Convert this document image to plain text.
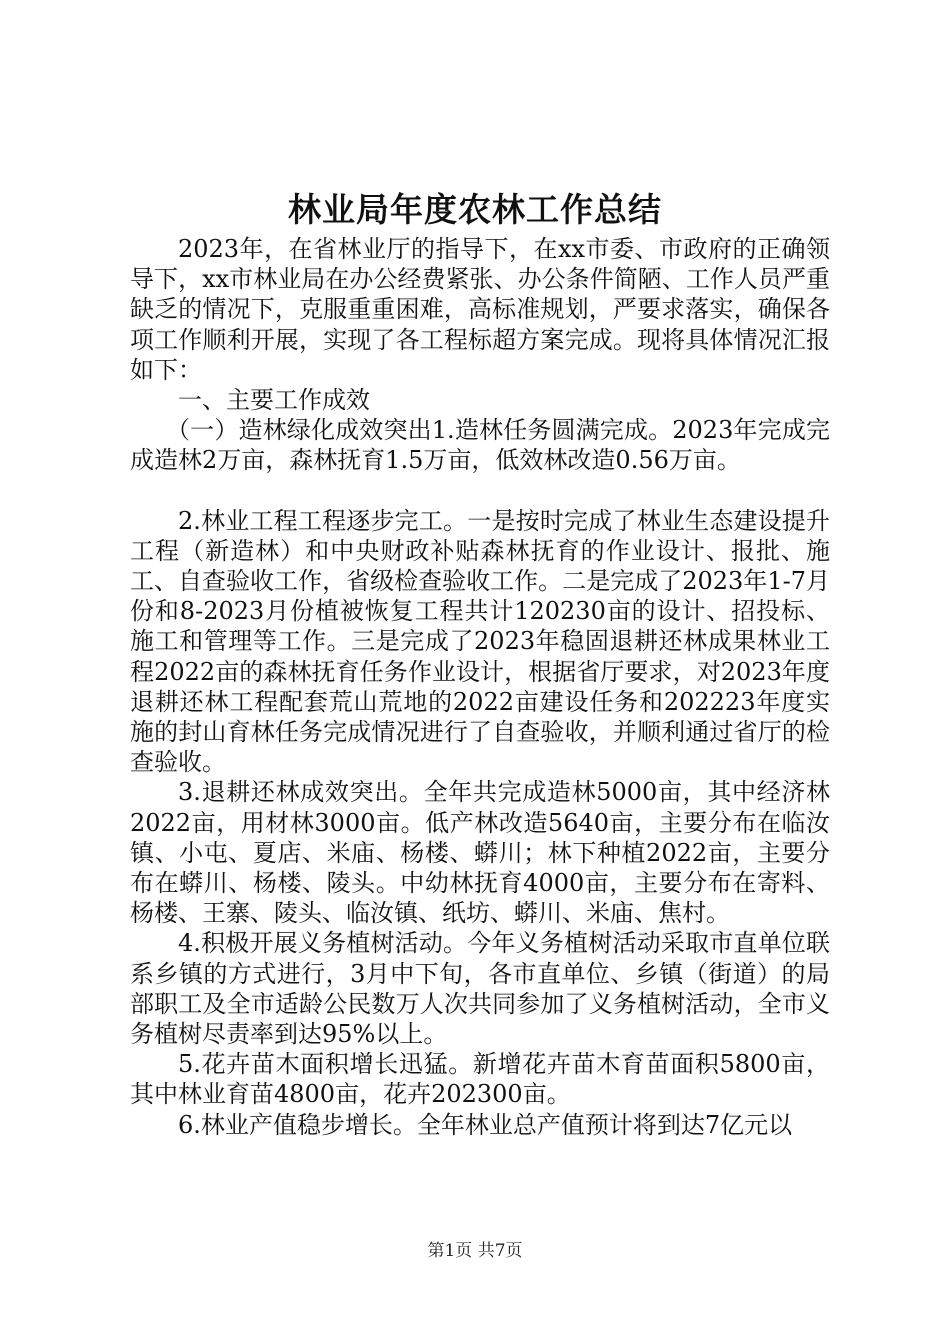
林业局年度农林工作总结

2023年，在省林业厅的指导下，在xx市委、市政府的正确领导下，xx市林业局在办公经费紧张、办公条件简陋、工作人员严重缺乏的情况下，克服重重困难，高标准规划，严要求落实，确保各项工作顺利开展，实现了各工程标超方案完成。现将具体情况汇报如下：

一、主要工作成效

（一）造林绿化成效突出1.造林任务圆满完成。2023年完成完成造林2万亩，森林抚育1.5万亩，低效林改造0.56万亩。

2.林业工程工程逐步完工。一是按时完成了林业生态建设提升工程（新造林）和中央财政补贴森林抚育的作业设计、报批、施工、自查验收工作，省级检查验收工作。二是完成了2023年1-7月份和8-2023月份植被恢复工程共计120230亩的设计、招投标、施工和管理等工作。三是完成了2023年稳固退耕还林成果林业工程2022亩的森林抚育任务作业设计，根据省厅要求，对2023年度退耕还林工程配套荒山荒地的2022亩建设任务和202223年度实施的封山育林任务完成情况进行了自查验收，并顺利通过省厅的检查验收。

3.退耕还林成效突出。全年共完成造林5000亩，其中经济林2022亩，用材林3000亩。低产林改造5640亩，主要分布在临汝镇、小屯、夏店、米庙、杨楼、蟒川；林下种植2022亩，主要分布在蟒川、杨楼、陵头。中幼林抚育4000亩，主要分布在寄料、杨楼、王寨、陵头、临汝镇、纸坊、蟒川、米庙、焦村。

4.积极开展义务植树活动。今年义务植树活动采取市直单位联系乡镇的方式进行，3月中下旬，各市直单位、乡镇（街道）的局部职工及全市适龄公民数万人次共同参加了义务植树活动，全市义务植树尽责率到达95%以上。

5.花卉苗木面积增长迅猛。新增花卉苗木育苗面积5800亩，其中林业育苗4800亩，花卉202300亩。

6.林业产值稳步增长。全年林业总产值预计将到达7亿元以

第1页 共7页
